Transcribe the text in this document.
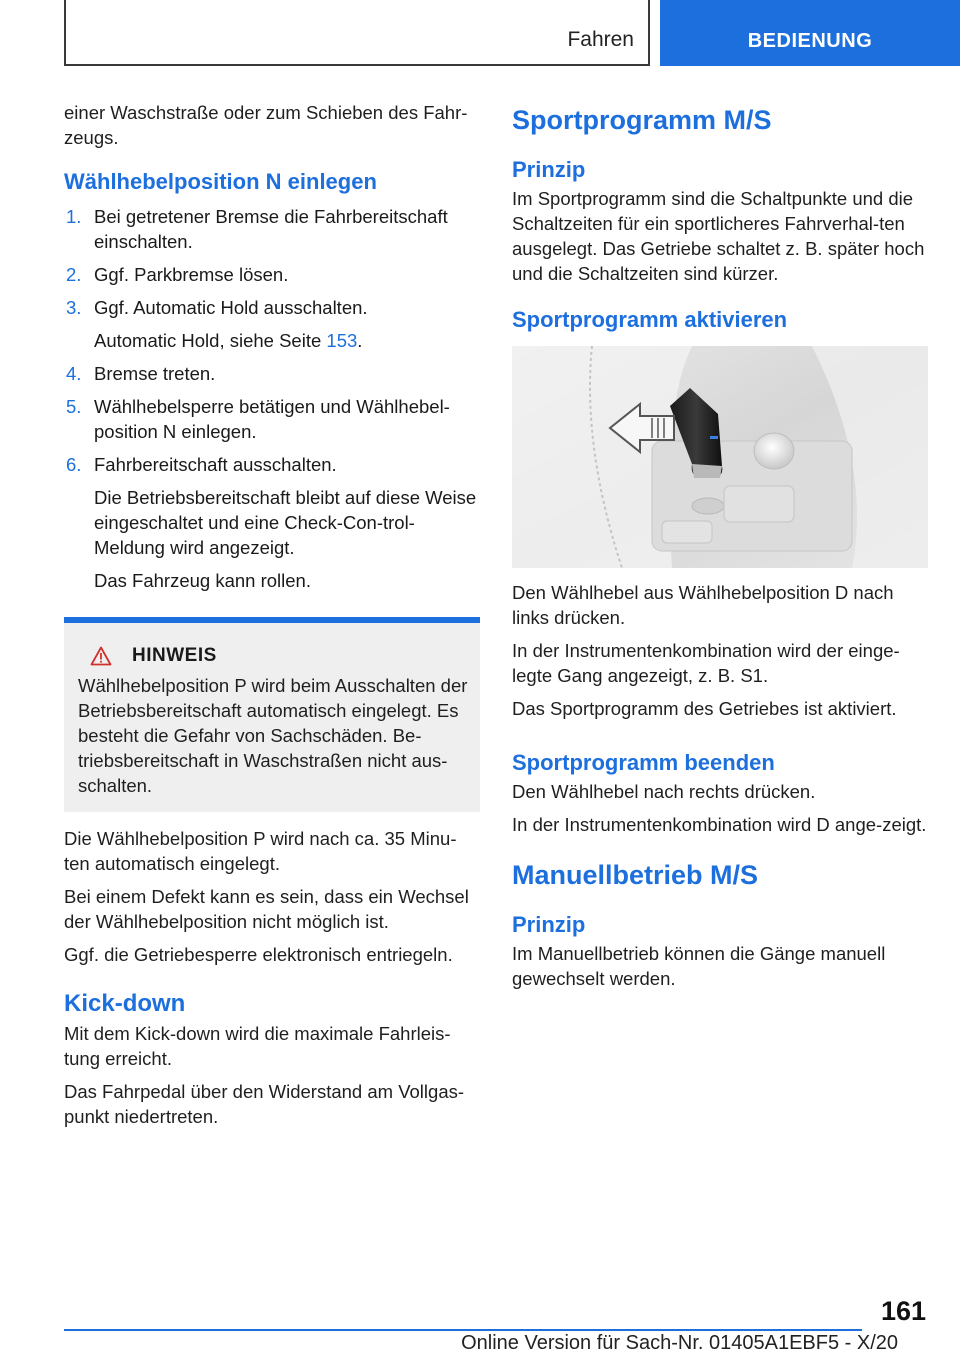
Fahren	BEDIENUNG

einer Waschstraße oder zum Schieben des Fahr-zeugs.

Wählhebelposition N einlegen
1. Bei getretener Bremse die Fahrbereitschaft einschalten.
2. Ggf. Parkbremse lösen.
3. Ggf. Automatic Hold ausschalten.
Automatic Hold, siehe Seite 153.
4. Bremse treten.
5. Wählhebelsperre betätigen und Wählhebel-position N einlegen.
6. Fahrbereitschaft ausschalten.
Die Betriebsbereitschaft bleibt auf diese Weise eingeschaltet und eine Check-Con-trol-Meldung wird angezeigt.
Das Fahrzeug kann rollen.
HINWEIS

Wählhebelposition P wird beim Ausschalten der Betriebsbereitschaft automatisch eingelegt. Es besteht die Gefahr von Sachschäden. Be-triebsbereitschaft in Waschstraßen nicht aus-schalten.

Die Wählhebelposition P wird nach ca. 35 Minu-ten automatisch eingelegt.

Bei einem Defekt kann es sein, dass ein Wechsel der Wählhebelposition nicht möglich ist.

Ggf. die Getriebesperre elektronisch entriegeln.

Kick-down

Mit dem Kick-down wird die maximale Fahrleis-tung erreicht.

Das Fahrpedal über den Widerstand am Vollgas-punkt niedertreten.

Sportprogramm M/S
Prinzip

Im Sportprogramm sind die Schaltpunkte und die Schaltzeiten für ein sportlicheres Fahrverhal-ten ausgelegt. Das Getriebe schaltet z. B. später hoch und die Schaltzeiten sind kürzer.

Sportprogramm aktivieren

Den Wählhebel aus Wählhebelposition D nach links drücken.

In der Instrumentenkombination wird der einge-legte Gang angezeigt, z. B. S1.

Das Sportprogramm des Getriebes ist aktiviert.

Sportprogramm beenden

Den Wählhebel nach rechts drücken.

In der Instrumentenkombination wird D ange-zeigt.

Manuellbetrieb M/S
Prinzip

Im Manuellbetrieb können die Gänge manuell gewechselt werden.

161
Online Version für Sach-Nr. 01405A1EBF5 - X/20
